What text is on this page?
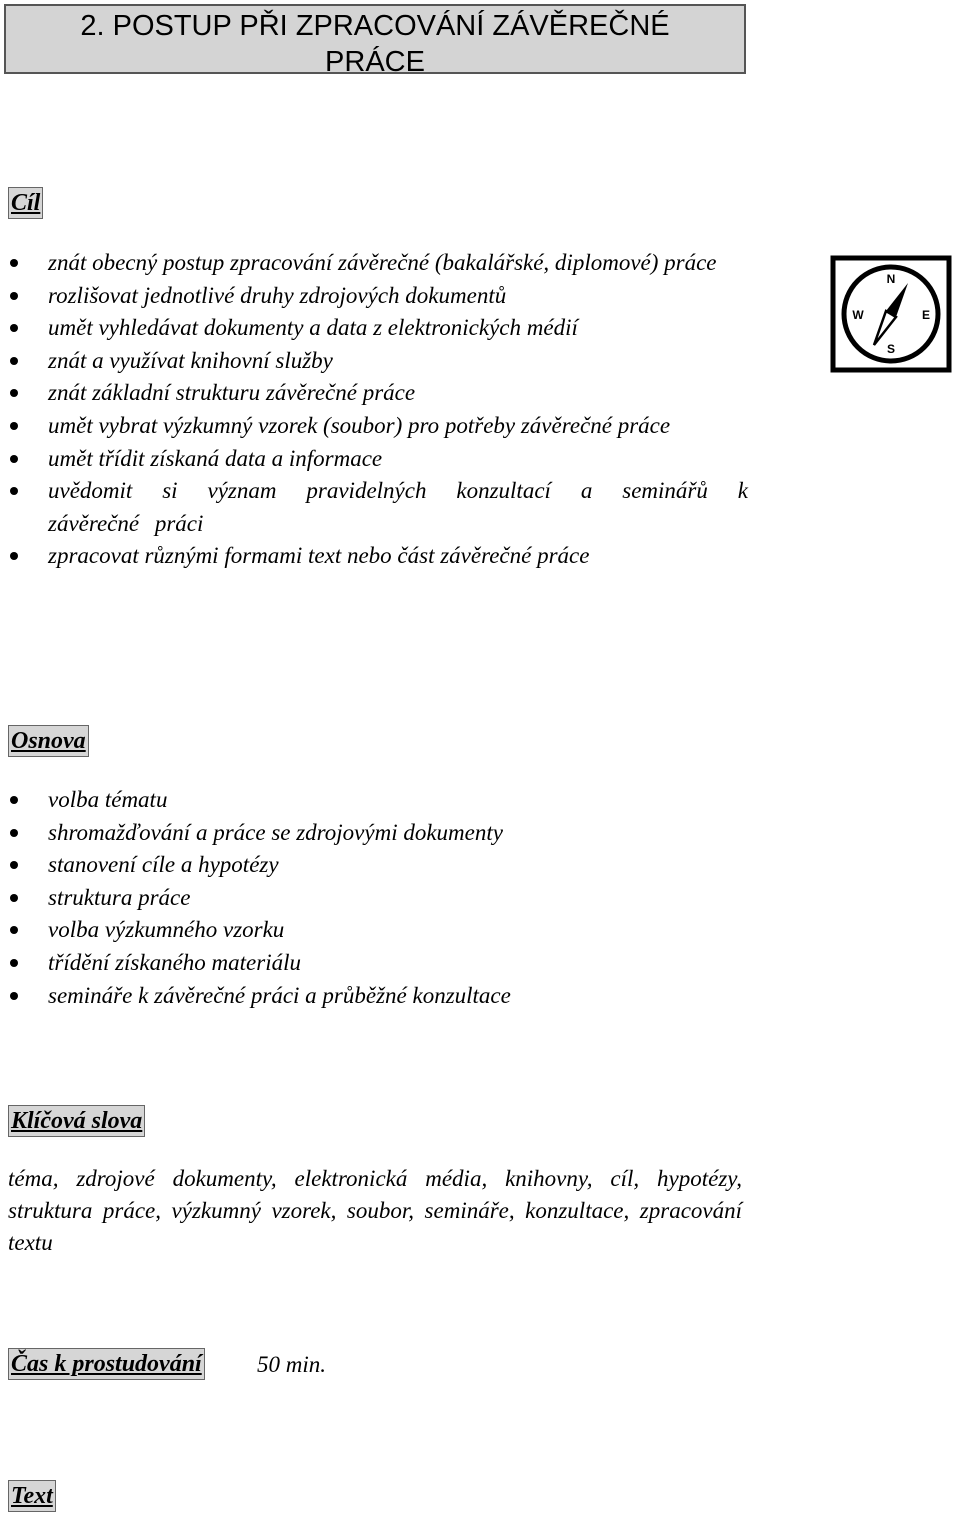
2. POSTUP PŘI ZPRACOVÁNÍ ZÁVĚREČNÉ
PRÁCE
Cíl
znát obecný postup zpracování závěrečné (bakalářské, diplomové) práce
rozlišovat jednotlivé druhy zdrojových dokumentů
umět vyhledávat dokumenty a data z elektronických médií
znát a využívat knihovní služby
znát základní strukturu závěrečné práce
umět vybrat výzkumný vzorek (soubor) pro potřeby závěrečné práce
umět třídit získaná data a informace
uvědomit si význam pravidelných konzultací a seminářů k závěrečné práci
zpracovat různými formami text nebo část závěrečné práce
N
S
W	E
Osnova
volba tématu
shromažďování a práce se zdrojovými dokumenty
stanovení cíle a hypotézy
struktura práce
volba výzkumného vzorku
třídění získaného materiálu
semináře k závěrečné práci a průběžné konzultace
Klíčová slova
téma, zdrojové dokumenty, elektronická média, knihovny, cíl, hypotézy, struktura práce, výzkumný vzorek, soubor, semináře, konzultace, zpracování textu
Čas k prostudování 50 min.
Text
